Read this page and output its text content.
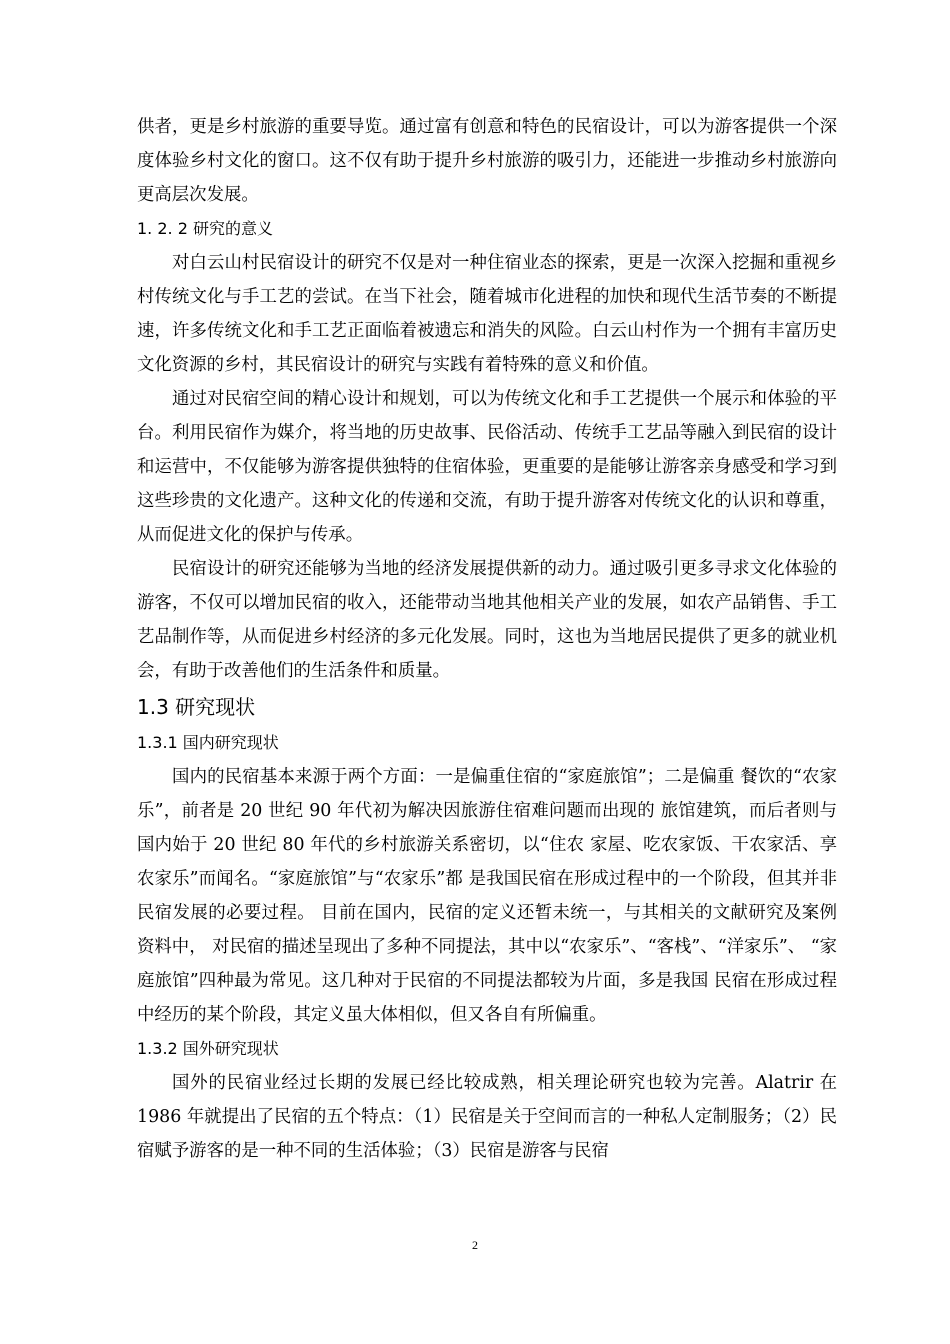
供者，更是乡村旅游的重要导览。通过富有创意和特色的民宿设计，可以为游客提供一个深度体验乡村文化的窗口。这不仅有助于提升乡村旅游的吸引力，还能进一步推动乡村旅游向更高层次发展。

1. 2. 2 研究的意义

对白云山村民宿设计的研究不仅是对一种住宿业态的探索，更是一次深入挖掘和重视乡村传统文化与手工艺的尝试。在当下社会，随着城市化进程的加快和现代生活节奏的不断提速，许多传统文化和手工艺正面临着被遗忘和消失的风险。白云山村作为一个拥有丰富历史文化资源的乡村，其民宿设计的研究与实践有着特殊的意义和价值。

通过对民宿空间的精心设计和规划，可以为传统文化和手工艺提供一个展示和体验的平台。利用民宿作为媒介，将当地的历史故事、民俗活动、传统手工艺品等融入到民宿的设计和运营中，不仅能够为游客提供独特的住宿体验，更重要的是能够让游客亲身感受和学习到这些珍贵的文化遗产。这种文化的传递和交流，有助于提升游客对传统文化的认识和尊重，从而促进文化的保护与传承。

民宿设计的研究还能够为当地的经济发展提供新的动力。通过吸引更多寻求文化体验的游客，不仅可以增加民宿的收入，还能带动当地其他相关产业的发展，如农产品销售、手工艺品制作等，从而促进乡村经济的多元化发展。同时，这也为当地居民提供了更多的就业机会，有助于改善他们的生活条件和质量。

1.3 研究现状
1.3.1 国内研究现状

国内的民宿基本来源于两个方面：一是偏重住宿的“家庭旅馆”；二是偏重 餐饮的“农家乐”，前者是 20 世纪 90 年代初为解决因旅游住宿难问题而出现的 旅馆建筑，而后者则与国内始于 20 世纪 80 年代的乡村旅游关系密切，以“住农 家屋、吃农家饭、干农家活、享农家乐”而闻名。“家庭旅馆”与“农家乐”都 是我国民宿在形成过程中的一个阶段，但其并非民宿发展的必要过程。 目前在国内，民宿的定义还暂未统一，与其相关的文献研究及案例资料中， 对民宿的描述呈现出了多种不同提法，其中以“农家乐”、“客栈”、“洋家乐”、 “家庭旅馆”四种最为常见。这几种对于民宿的不同提法都较为片面，多是我国 民宿在形成过程中经历的某个阶段，其定义虽大体相似，但又各自有所偏重。

1.3.2 国外研究现状

国外的民宿业经过长期的发展已经比较成熟，相关理论研究也较为完善。Alatrir 在 1986 年就提出了民宿的五个特点：（1）民宿是关于空间而言的一种私人定制服务；（2）民宿赋予游客的是一种不同的生活体验；（3）民宿是游客与民宿

2
